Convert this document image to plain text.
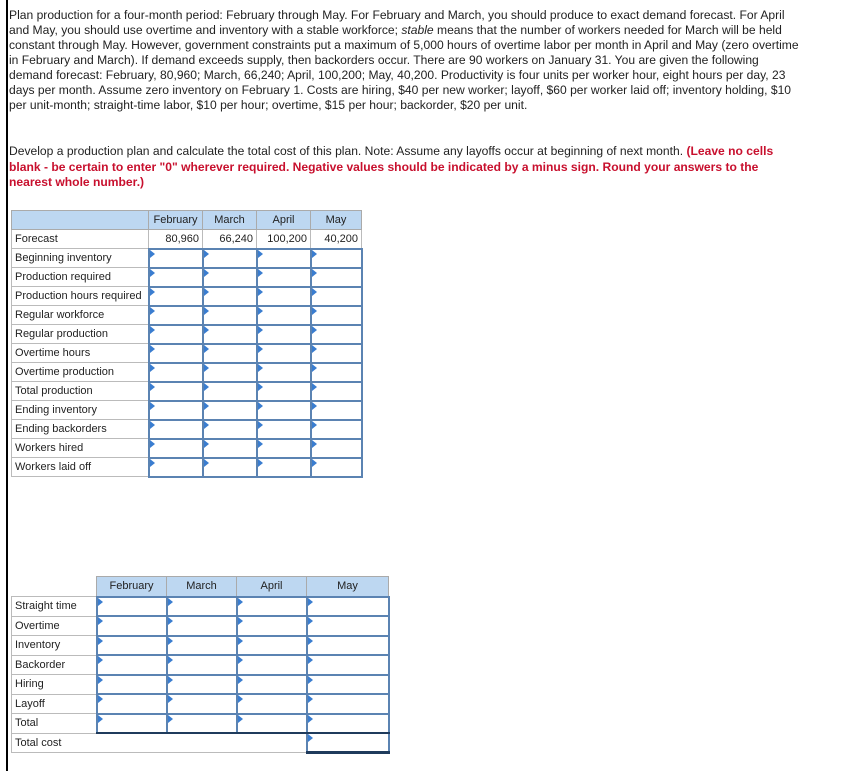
Plan production for a four-month period: February through May. For February and March, you should produce to exact demand forecast. For April and May, you should use overtime and inventory with a stable workforce; stable means that the number of workers needed for March will be held constant through May. However, government constraints put a maximum of 5,000 hours of overtime labor per month in April and May (zero overtime in February and March). If demand exceeds supply, then backorders occur. There are 90 workers on January 31. You are given the following demand forecast: February, 80,960; March, 66,240; April, 100,200; May, 40,200. Productivity is four units per worker hour, eight hours per day, 23 days per month. Assume zero inventory on February 1. Costs are hiring, $40 per new worker; layoff, $60 per worker laid off; inventory holding, $10 per unit-month; straight-time labor, $10 per hour; overtime, $15 per hour; backorder, $20 per unit.

Develop a production plan and calculate the total cost of this plan. Note: Assume any layoffs occur at beginning of next month. (Leave no cells blank - be certain to enter "0" wherever required. Negative values should be indicated by a minus sign. Round your answers to the nearest whole number.)

	February	March	April	May
Forecast	80,960	66,240	100,200	40,200
Beginning inventory				
Production required				
Production hours required				
Regular workforce				
Regular production				
Overtime hours				
Overtime production				
Total production				
Ending inventory				
Ending backorders				
Workers hired				
Workers laid off				
	February	March	April	May
Straight time				
Overtime				
Inventory				
Backorder				
Hiring				
Layoff				
Total				
Total cost				
